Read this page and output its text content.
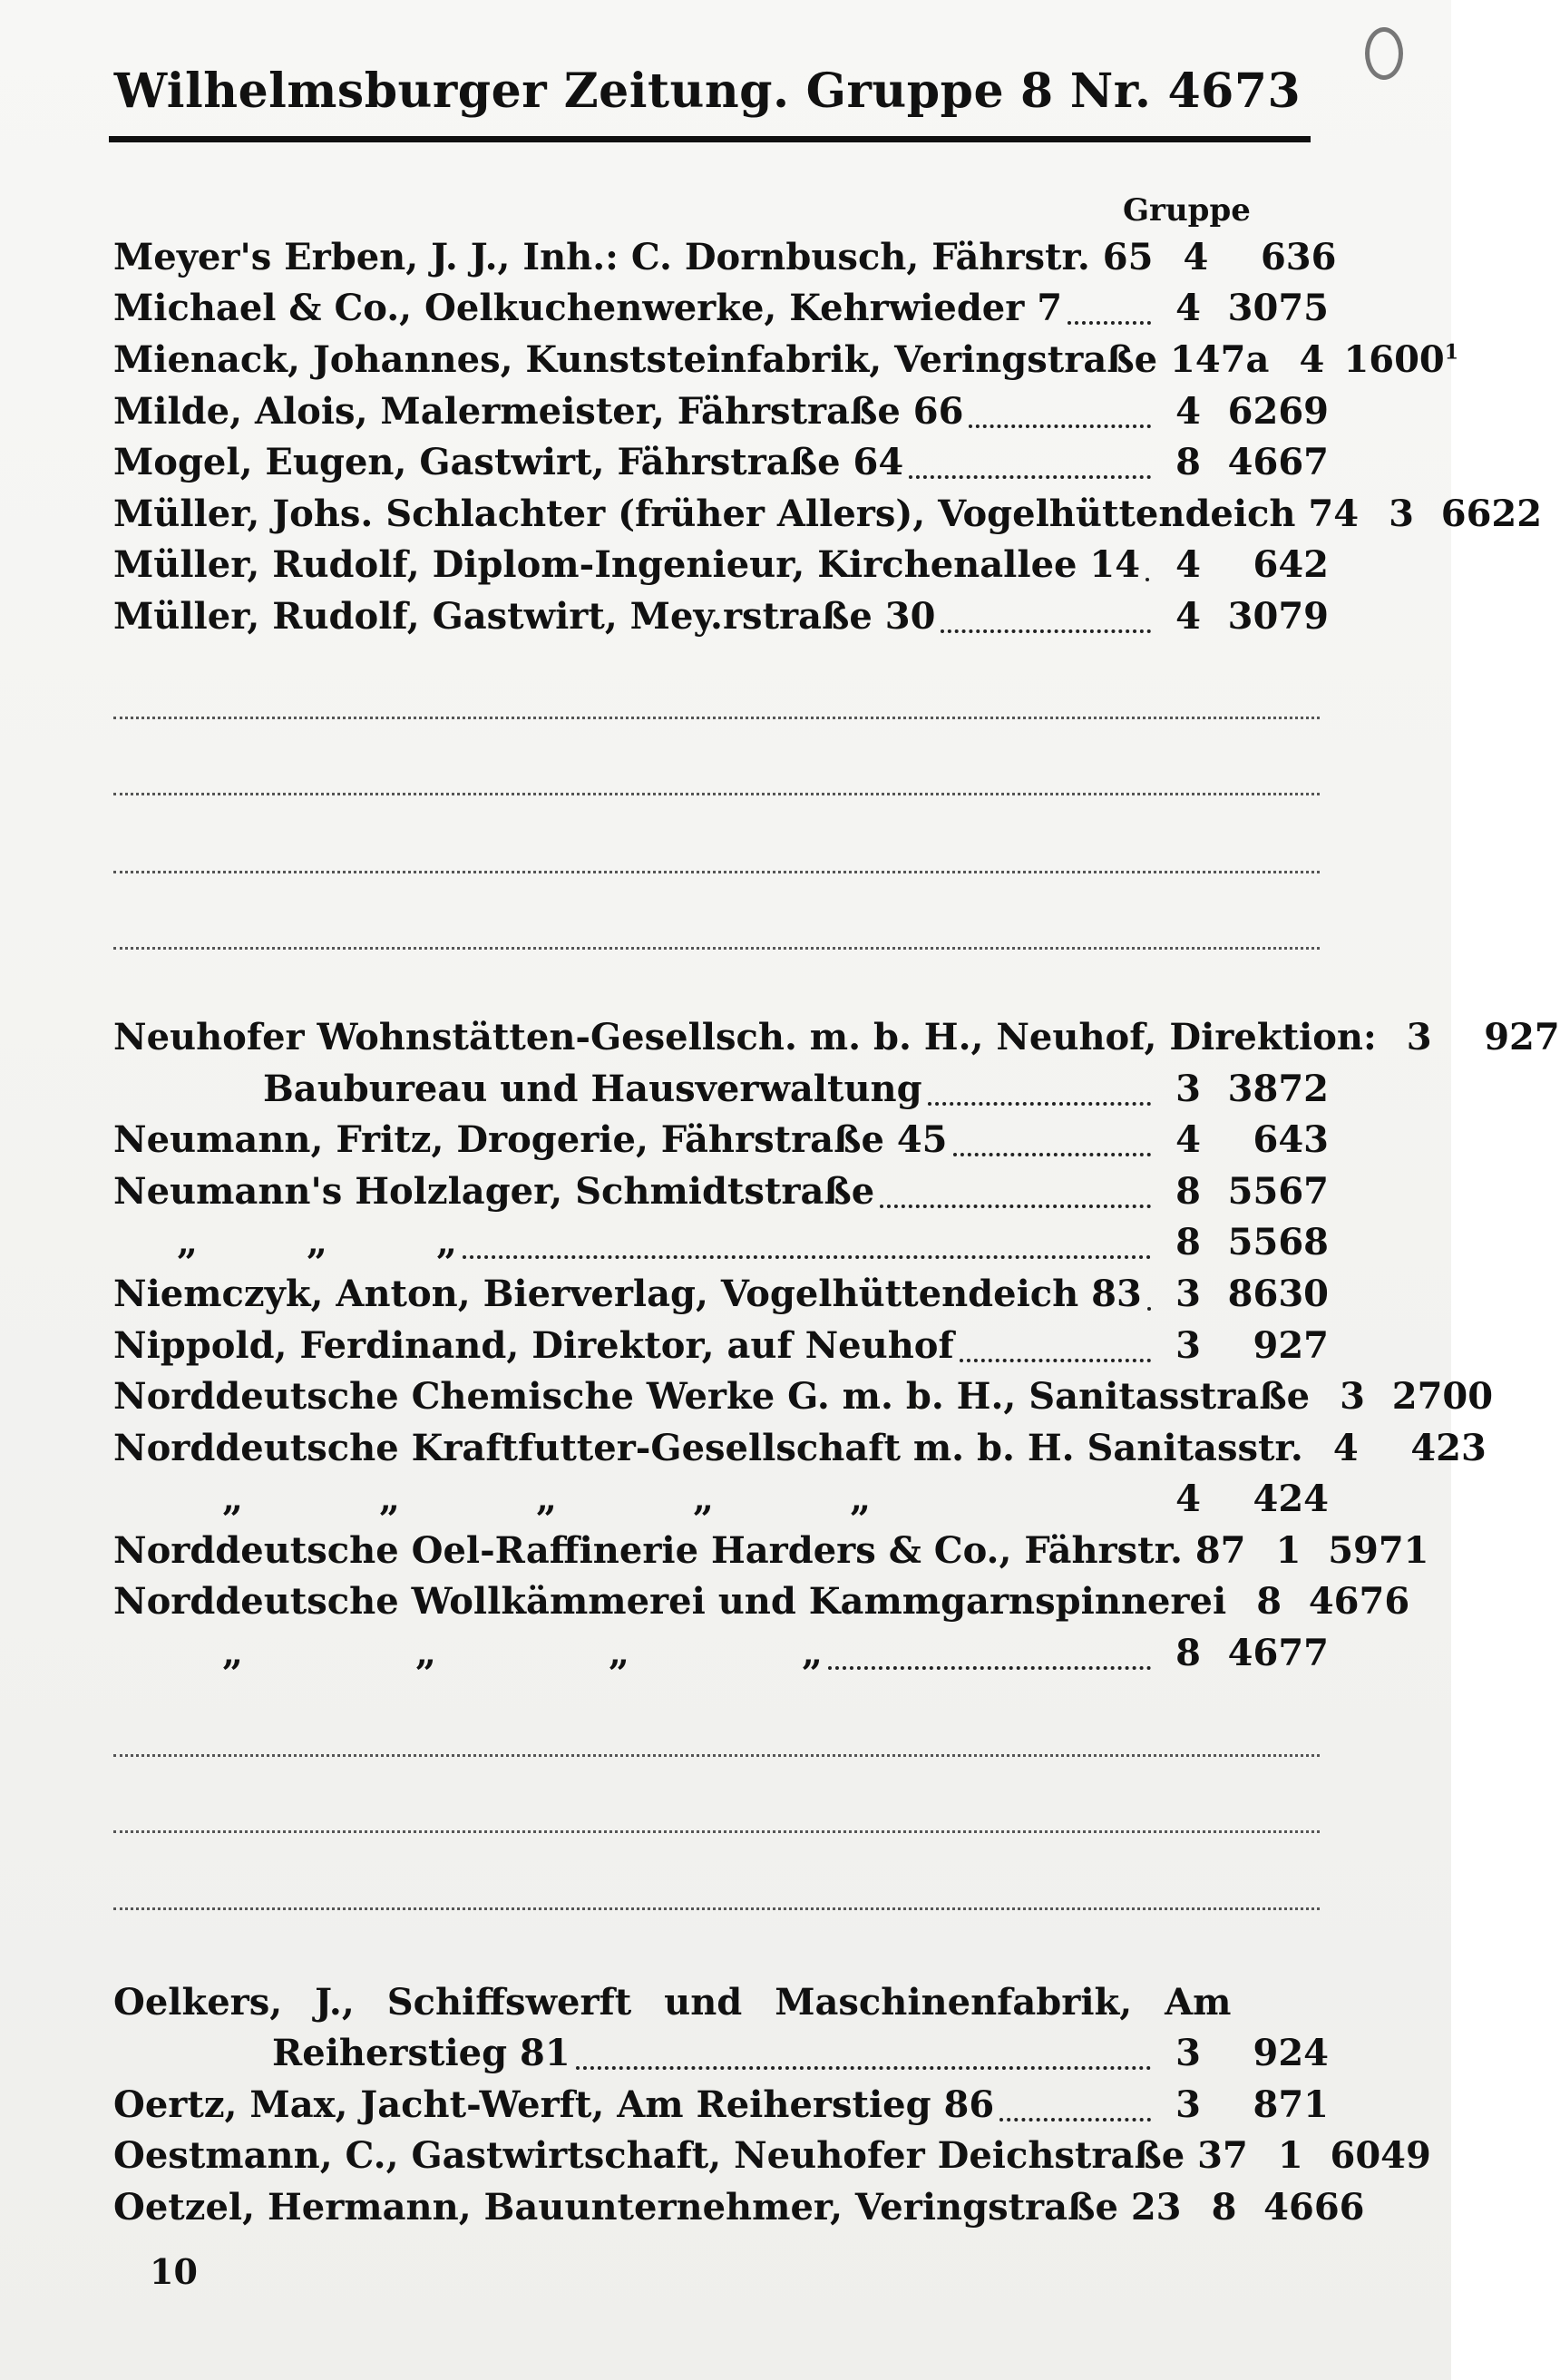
Wilhelmsburger Zeitung. Gruppe 8 Nr. 4673
Gruppe
Meyer's Erben, J. J., Inh.: C. Dornbusch, Fährstr. 65 4	636
Michael & Co., Oelkuchenwerke, Kehrwieder 7	4 3075
Mienack, Johannes, Kunststeinfabrik, Veringstraße 147a 4 1600$^1$
Milde, Alois, Malermeister, Fährstraße 66	4 6269
Mogel, Eugen, Gastwirt, Fährstraße 64	8 4667
Müller, Johs. Schlachter (früher Allers), Vogelhüttendeich 74 3 6622
Müller, Rudolf, Diplom-Ingenieur, Kirchenallee 14 4	642
Müller, Rudolf, Gastwirt, Mey.rstraße 30	4 3079
Neuhofer Wohnstätten-Gesellsch. m. b. H., Neuhof, Direktion: 3	927
Baubureau und Hausverwaltung	3 3872
Neumann, Fritz, Drogerie, Fährstraße 45	4	643
Neumann's Holzlager, Schmidtstraße	8 5567
„	„	„	8 5568
Niemczyk, Anton, Bierverlag, Vogelhüttendeich 83 3 8630
Nippold, Ferdinand, Direktor, auf Neuhof	3	927
Norddeutsche Chemische Werke G. m. b. H., Sanitasstraße 3 2700
Norddeutsche Kraftfutter-Gesellschaft m. b. H. Sanitasstr. 4	423
„	„	„	„	„	4	424
Norddeutsche Oel-Raffinerie Harders & Co., Fährstr. 87 1 5971
Norddeutsche Wollkämmerei und Kammgarnspinnerei 8 4676
„	„	„	„	8 4677
Oelkers, J., Schiffswerft und Maschinenfabrik, Am
Reiherstieg 81	3	924
Oertz, Max, Jacht-Werft, Am Reiherstieg 86	3	871
Oestmann, C., Gastwirtschaft, Neuhofer Deichstraße 37 1 6049
Oetzel, Hermann, Bauunternehmer, Veringstraße 23 8 4666
10
